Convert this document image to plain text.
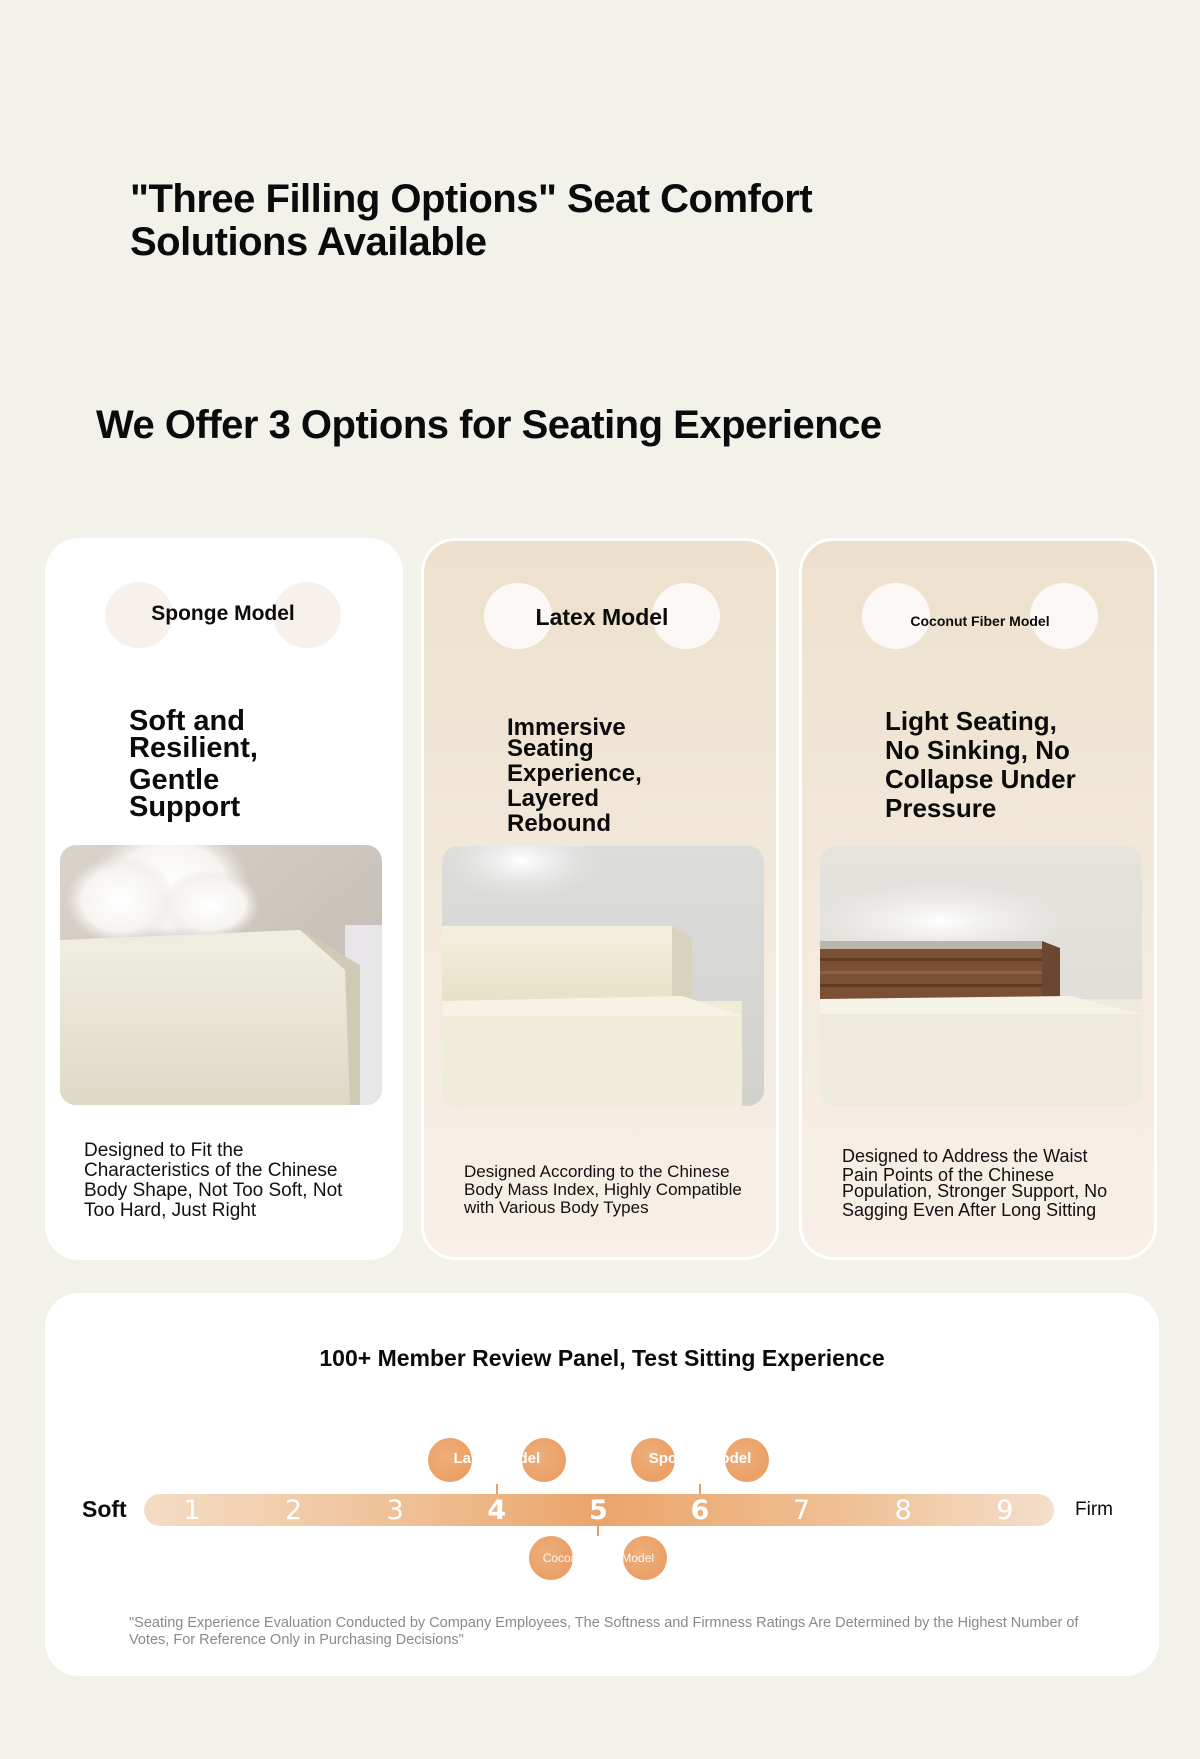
"Three Filling Options" Seat Comfort
Solutions Available
We Offer 3 Options for Seating Experience
Sponge Model
Soft and
Resilient,
Gentle
Support
Designed to Fit the
Characteristics of the Chinese
Body Shape, Not Too Soft, Not
Too Hard, Just Right
Latex Model
Immersive
Seating
Experience,
Layered
Rebound
Designed According to the Chinese
Body Mass Index, Highly Compatible
with Various Body Types
Coconut Fiber Model
Light Seating,
No Sinking, No
Collapse Under
Pressure
Designed to Address the Waist
Pain Points of the Chinese
Population, Stronger Support, No
Sagging Even After Long Sitting
100+ Member Review Panel, Test Sitting Experience
Soft	1	2	3	4	5	6	7	8	9	Firm
Latex Model	Sponge Model
Coconut Fiber Model
"Seating Experience Evaluation Conducted by Company Employees, The Softness and Firmness Ratings Are Determined by the Highest Number of Votes, For Reference Only in Purchasing Decisions"
